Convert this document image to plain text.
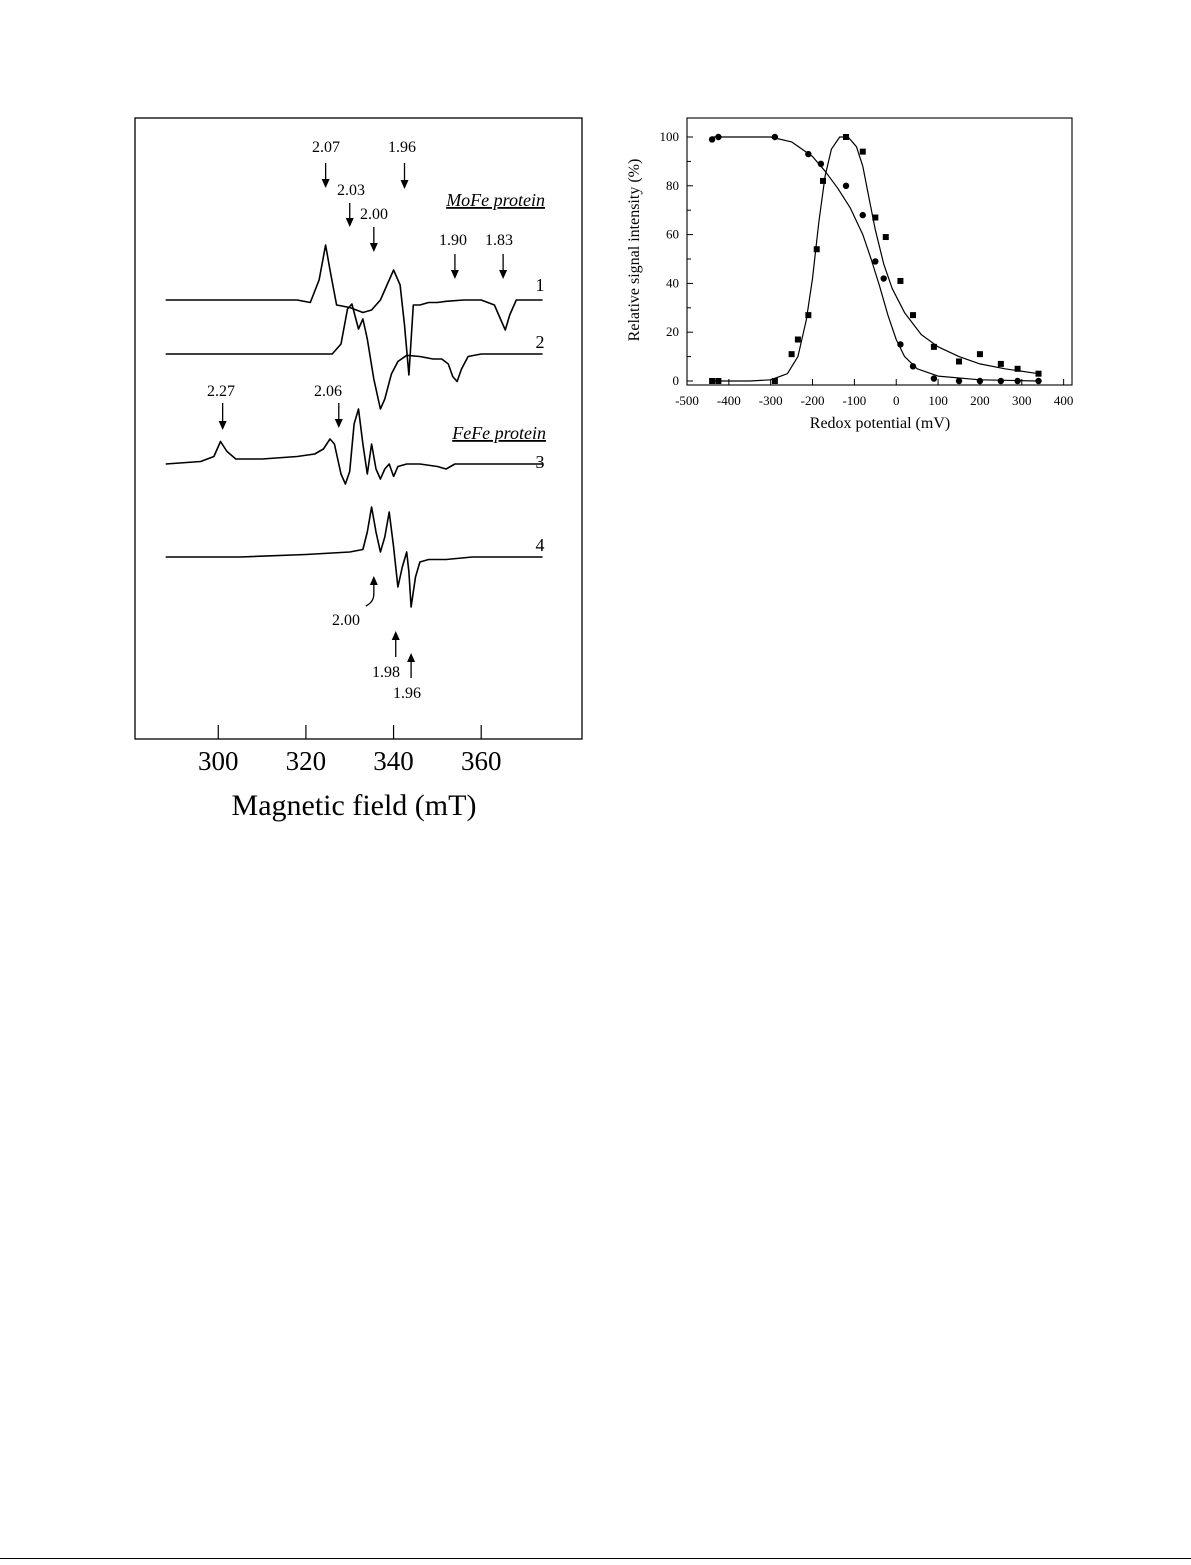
300 320 340 360
Magnetic field (mT)
1
2
3
4
MoFe protein
FeFe protein
2.07
2.03
2.00
1.96
1.90 1.83
2.27	2.06
2.00
1.98
1.96
-500 -400 -300 -200 -100 0 100 200 300 400
Redox potential (mV)
0
20
40
60
80
100
Relative signal intensity (%)
